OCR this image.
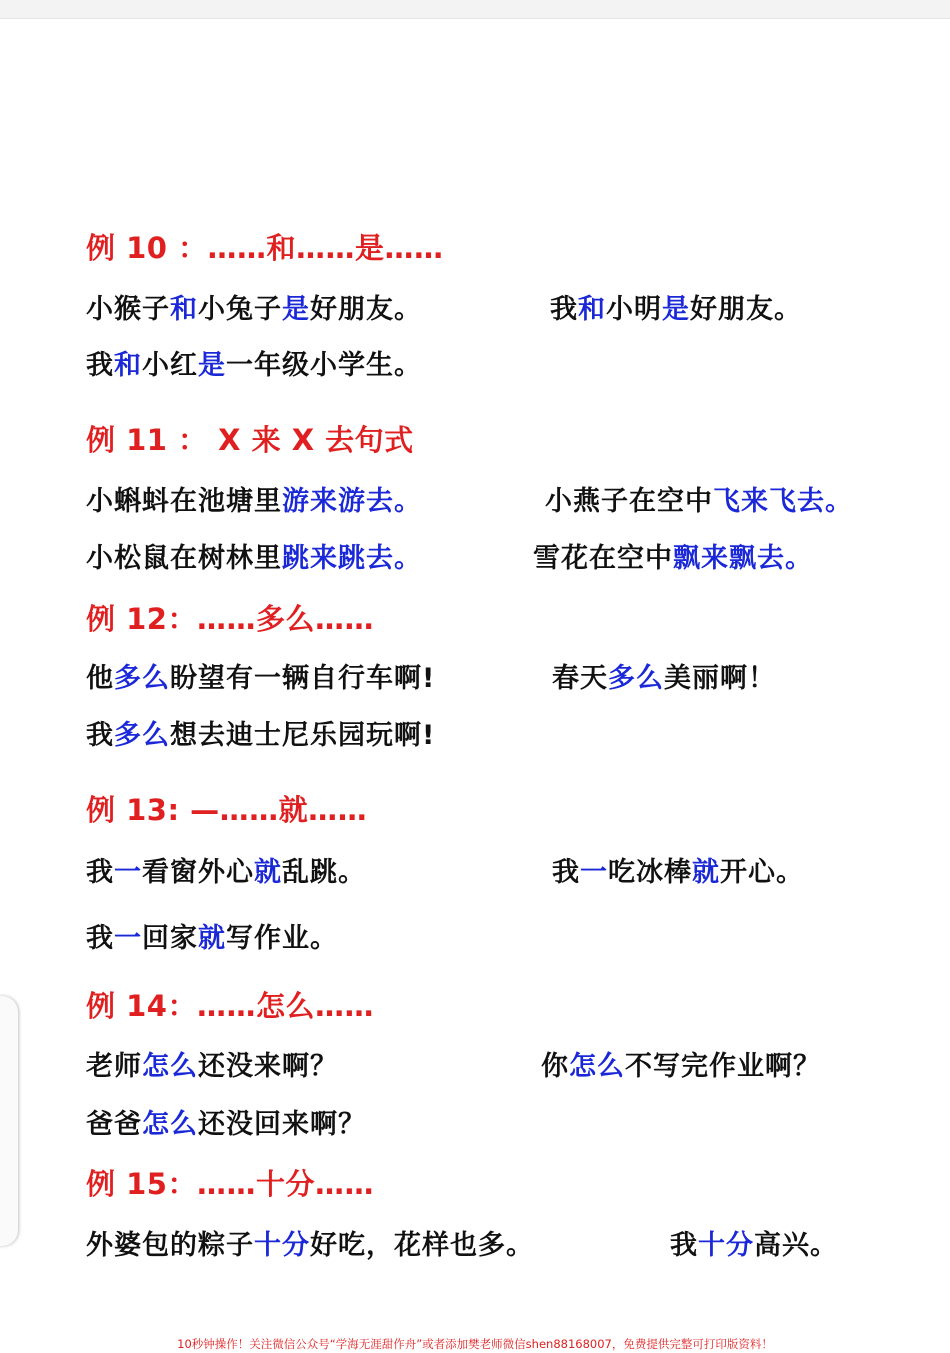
例 10 ：……和……是……
小猴子和小兔子是好朋友。	我和小明是好朋友。
我和小红是一年级小学生。
例 11 ： X 来 X 去句式
小蝌蚪在池塘里游来游去。	小燕子在空中飞来飞去。
小松鼠在树林里跳来跳去。	雪花在空中飘来飘去。
例 12：……多么……
他多么盼望有一辆自行车啊!	春天多么美丽啊！
我多么想去迪士尼乐园玩啊!
例 13: —……就……
我一看窗外心就乱跳。	我一吃冰棒就开心。
我一回家就写作业。
例 14：……怎么……
老师怎么还没来啊？	你怎么不写完作业啊？
爸爸怎么还没回来啊？
例 15：……十分……
外婆包的粽子十分好吃，花样也多。	我十分高兴。
10秒钟操作！关注微信公众号“学海无涯甜作舟”或者添加樊老师微信shen88168007，免费提供完整可打印版资料！
